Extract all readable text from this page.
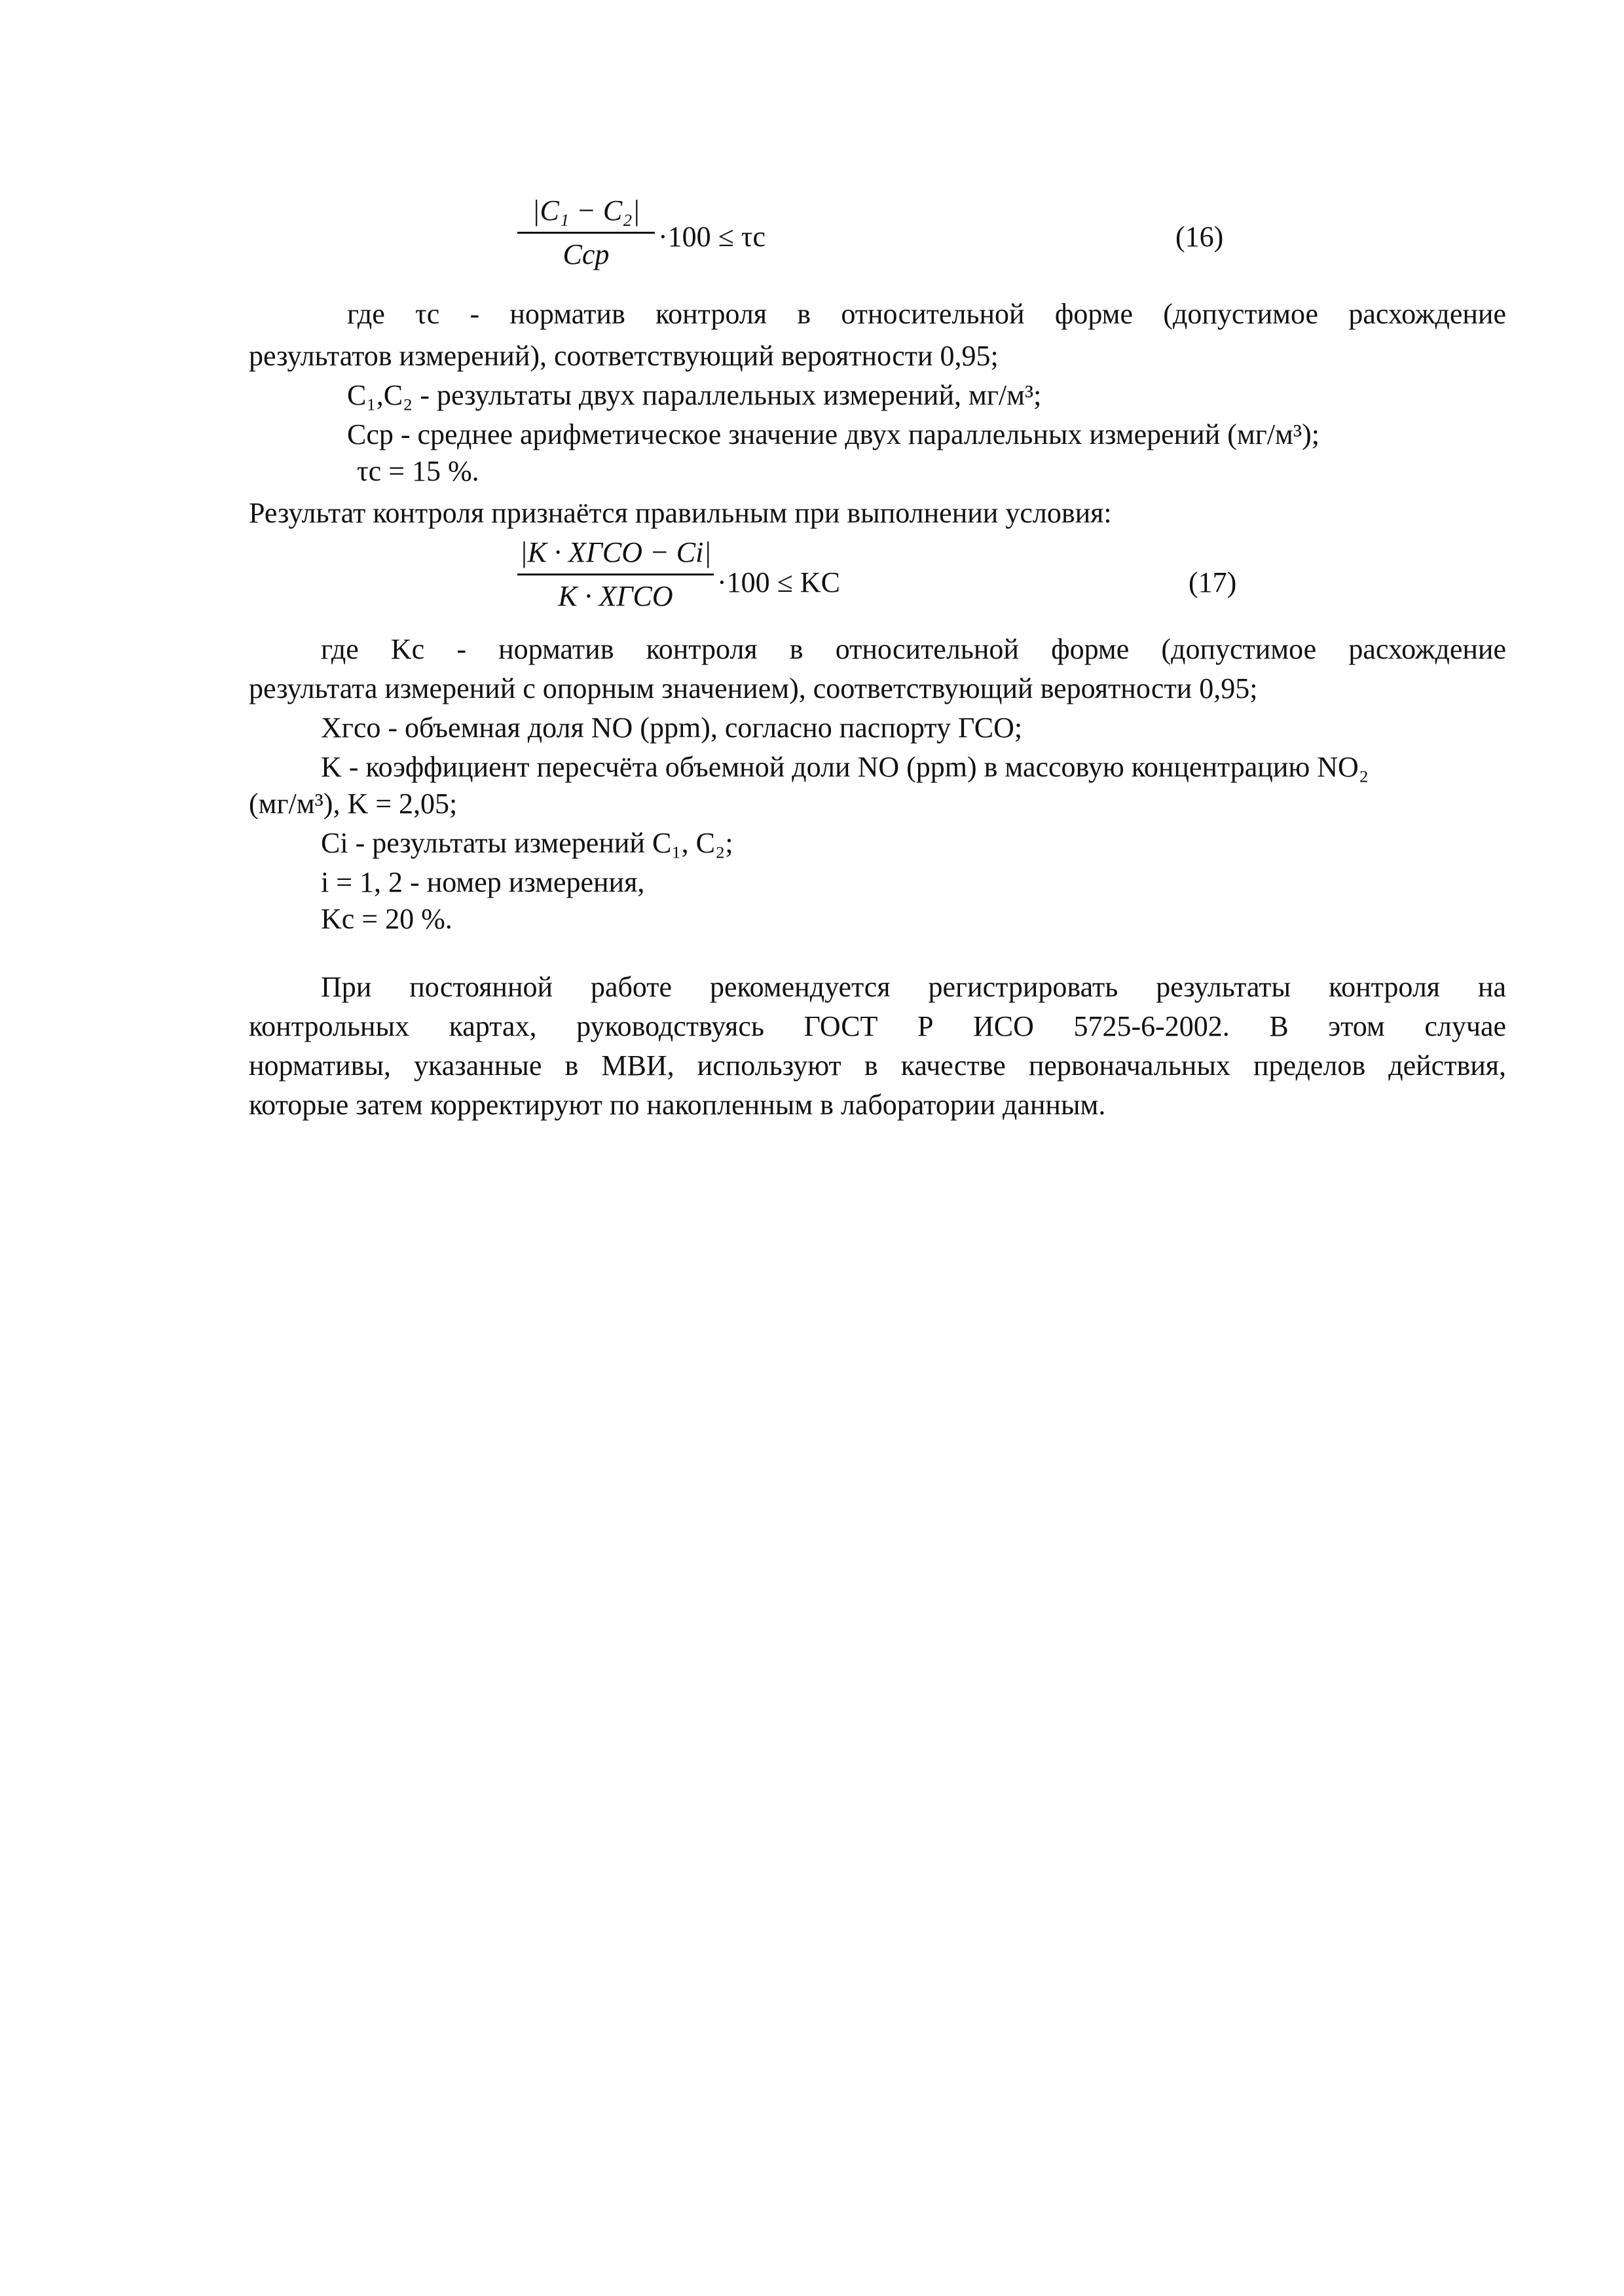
|C₁ − C₂|
Cср
·100 ≤ τс	(16)
где τс - норматив контроля в относительной форме (допустимое расхождение
результатов измерений), соответствующий вероятности 0,95;
C₁,C₂ - результаты двух параллельных измерений, мг/м³;
Cср - среднее арифметическое значение двух параллельных измерений (мг/м³);
τс = 15 %.
Результат контроля признаётся правильным при выполнении условия:
|K · XГСО − Ci|
K · XГСО	·100 ≤ KC	(17)
где Kс - норматив контроля в относительной форме (допустимое расхождение
результата измерений с опорным значением), соответствующий вероятности 0,95;
Xгсо - объемная доля NO (ppm), согласно паспорту ГСО;
K - коэффициент пересчёта объемной доли NO (ppm) в массовую концентрацию NO₂
(мг/м³), K = 2,05;
Ci - результаты измерений C₁, C₂;
i = 1, 2 - номер измерения,
Kс = 20 %.
При постоянной работе рекомендуется регистрировать результаты контроля на
контрольных картах, руководствуясь ГОСТ Р ИСО 5725-6-2002. В этом случае
нормативы, указанные в МВИ, используют в качестве первоначальных пределов действия,
которые затем корректируют по накопленным в лаборатории данным.
